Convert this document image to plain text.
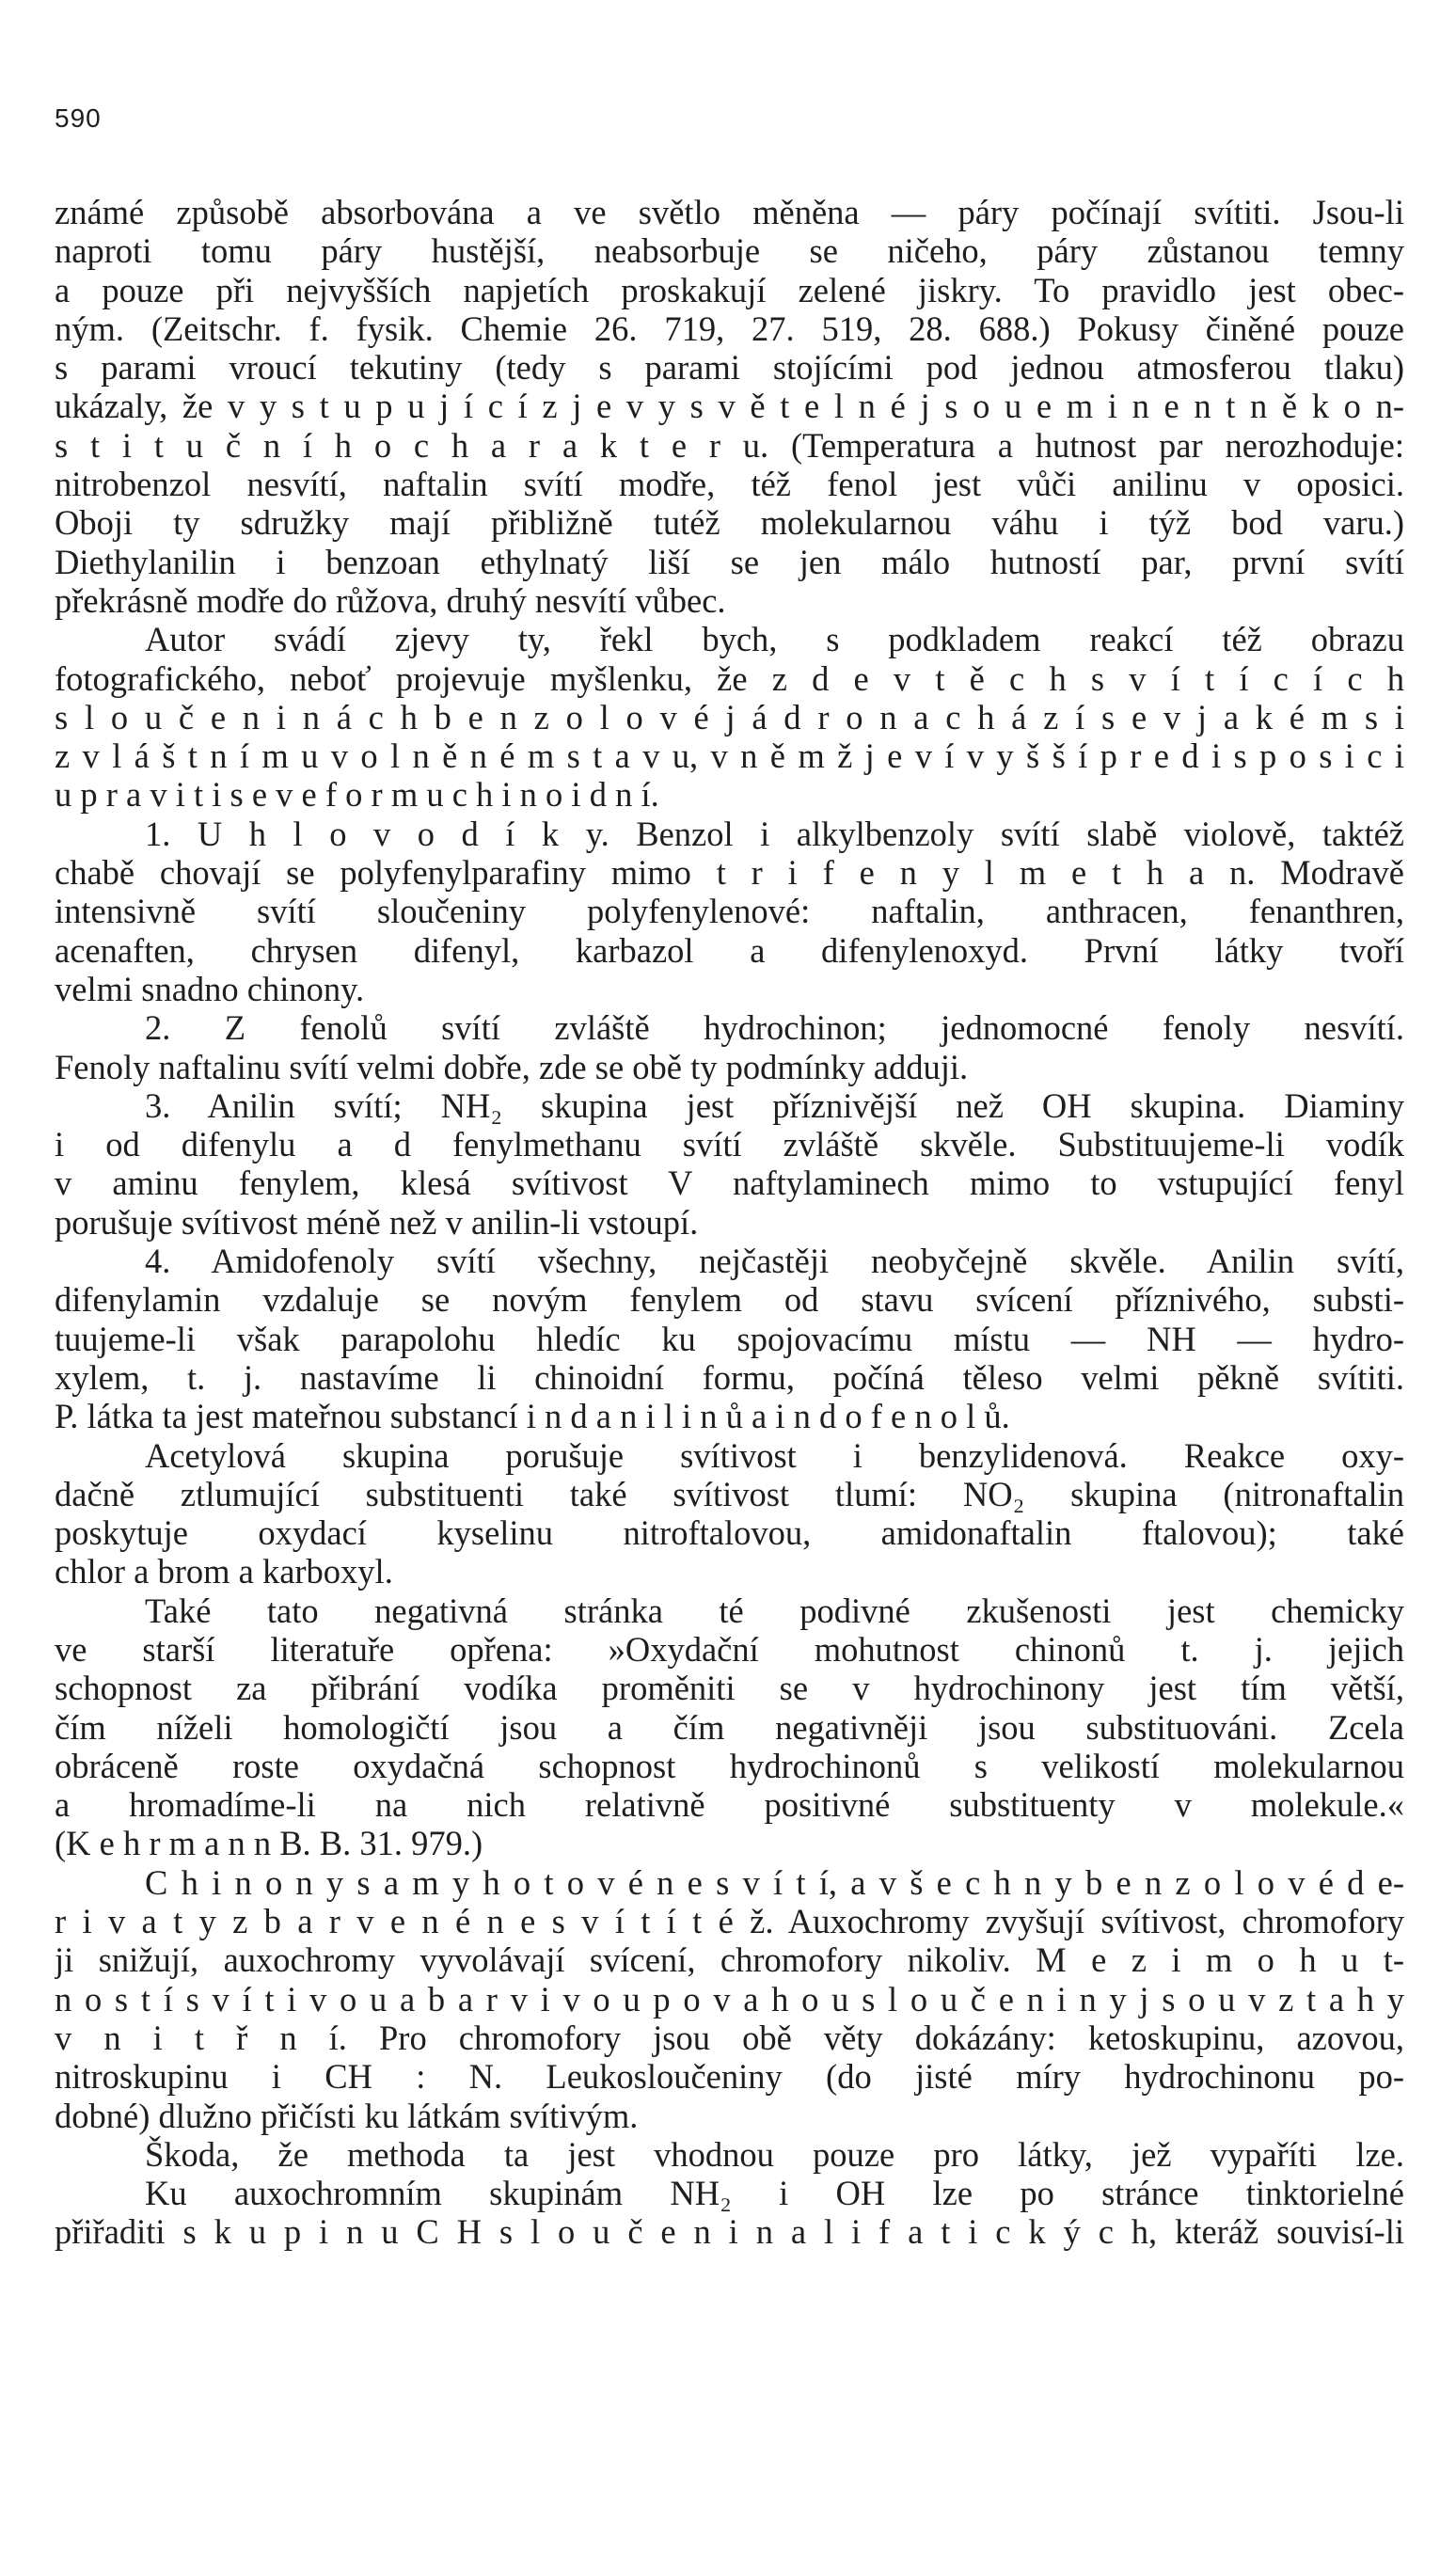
590
známé způsobě absorbována a ve světlo měněna — páry počínají svítiti. Jsou-li
naproti tomu páry hustější, neabsorbuje se ničeho, páry zůstanou temny
a pouze při nejvyšších napjetích proskakují zelené jiskry. To pravidlo jest obec-
ným. (Zeitschr. f. fysik. Chemie 26. 719, 27. 519, 28. 688.) Pokusy činěné pouze
s parami vroucí tekutiny (tedy s parami stojícími pod jednou atmosferou tlaku)
ukázaly, že v y s t u p u j í c í z j e v y s v ě t e l n é j s o u e m i n e n t n ě k o n-
s t i t u č n í h o c h a r a k t e r u. (Temperatura a hutnost par nerozhoduje:
nitrobenzol nesvítí, naftalin svítí modře, též fenol jest vůči anilinu v oposici.
Oboji ty sdružky mají přibližně tutéž molekularnou váhu i týž bod varu.)
Diethylanilin i benzoan ethylnatý liší se jen málo hutností par, první svítí
překrásně modře do růžova, druhý nesvítí vůbec.
Autor svádí zjevy ty, řekl bych, s podkladem reakcí též obrazu
fotografického, neboť projevuje myšlenku, že z d e v t ě c h s v í t í c í c h
s l o u č e n i n á c h b e n z o l o v é j á d r o n a c h á z í s e v j a k é m s i
z v l á š t n í m u v o l n ě n é m s t a v u, v n ě m ž j e v í v y š š í p r e d i s p o s i c i
u p r a v i t i s e v e f o r m u c h i n o i d n í.
1. U h l o v o d í k y. Benzol i alkylbenzoly svítí slabě violově, taktéž
chabě chovají se polyfenylparafiny mimo t r i f e n y l m e t h a n. Modravě
intensivně svítí sloučeniny polyfenylenové: naftalin, anthracen, fenanthren,
acenaften, chrysen difenyl, karbazol a difenylenoxyd. První látky tvoří
velmi snadno chinony.
2. Z fenolů svítí zvláště hydrochinon; jednomocné fenoly nesvítí.
Fenoly naftalinu svítí velmi dobře, zde se obě ty podmínky adduji.
3. Anilin svítí; NH₂ skupina jest příznivější než OH skupina. Diaminy
i od difenylu a d fenylmethanu svítí zvláště skvěle. Substituujeme-li vodík
v aminu fenylem, klesá svítivost V naftylaminech mimo to vstupující fenyl
porušuje svítivost méně než v anilin-li vstoupí.
4. Amidofenoly svítí všechny, nejčastěji neobyčejně skvěle. Anilin svítí,
difenylamin vzdaluje se novým fenylem od stavu svícení příznivého, substi-
tuujeme-li však parapolohu hledíc ku spojovacímu místu — NH — hydro-
xylem, t. j. nastavíme li chinoidní formu, počíná těleso velmi pěkně svítiti.
P. látka ta jest mateřnou substancí i n d a n i l i n ů a i n d o f e n o l ů.
Acetylová skupina porušuje svítivost i benzylidenová. Reakce oxy-
dačně ztlumující substituenti také svítivost tlumí: NO₂ skupina (nitronaftalin
poskytuje oxydací kyselinu nitroftalovou, amidonaftalin ftalovou); také
chlor a brom a karboxyl.
Také tato negativná stránka té podivné zkušenosti jest chemicky
ve starší literatuře opřena: »Oxydační mohutnost chinonů t. j. jejich
schopnost za přibrání vodíka proměniti se v hydrochinony jest tím větší,
čím níželi homologičtí jsou a čím negativněji jsou substituováni. Zcela
obráceně roste oxydačná schopnost hydrochinonů s velikostí molekularnou
a hromadíme-li na nich relativně positivné substituenty v molekule.«
(K e h r m a n n B. B. 31. 979.)
C h i n o n y s a m y h o t o v é n e s v í t í, a v š e c h n y b e n z o l o v é d e-
r i v a t y z b a r v e n é n e s v í t í t é ž. Auxochromy zvyšují svítivost, chromofory
ji snižují, auxochromy vyvolávají svícení, chromofory nikoliv. M e z i m o h u t-
n o s t í s v í t i v o u a b a r v i v o u p o v a h o u s l o u č e n i n y j s o u v z t a h y
v n i t ř n í. Pro chromofory jsou obě věty dokázány: ketoskupinu, azovou,
nitroskupinu i CH : N. Leukosloučeniny (do jisté míry hydrochinonu po-
dobné) dlužno přičísti ku látkám svítivým.
Škoda, že methoda ta jest vhodnou pouze pro látky, jež vypaříti lze.
Ku auxochromním skupinám NH₂ i OH lze po stránce tinktorielné
přiřaditi s k u p i n u C H s l o u č e n i n a l i f a t i c k ý c h, kteráž souvisí-li
